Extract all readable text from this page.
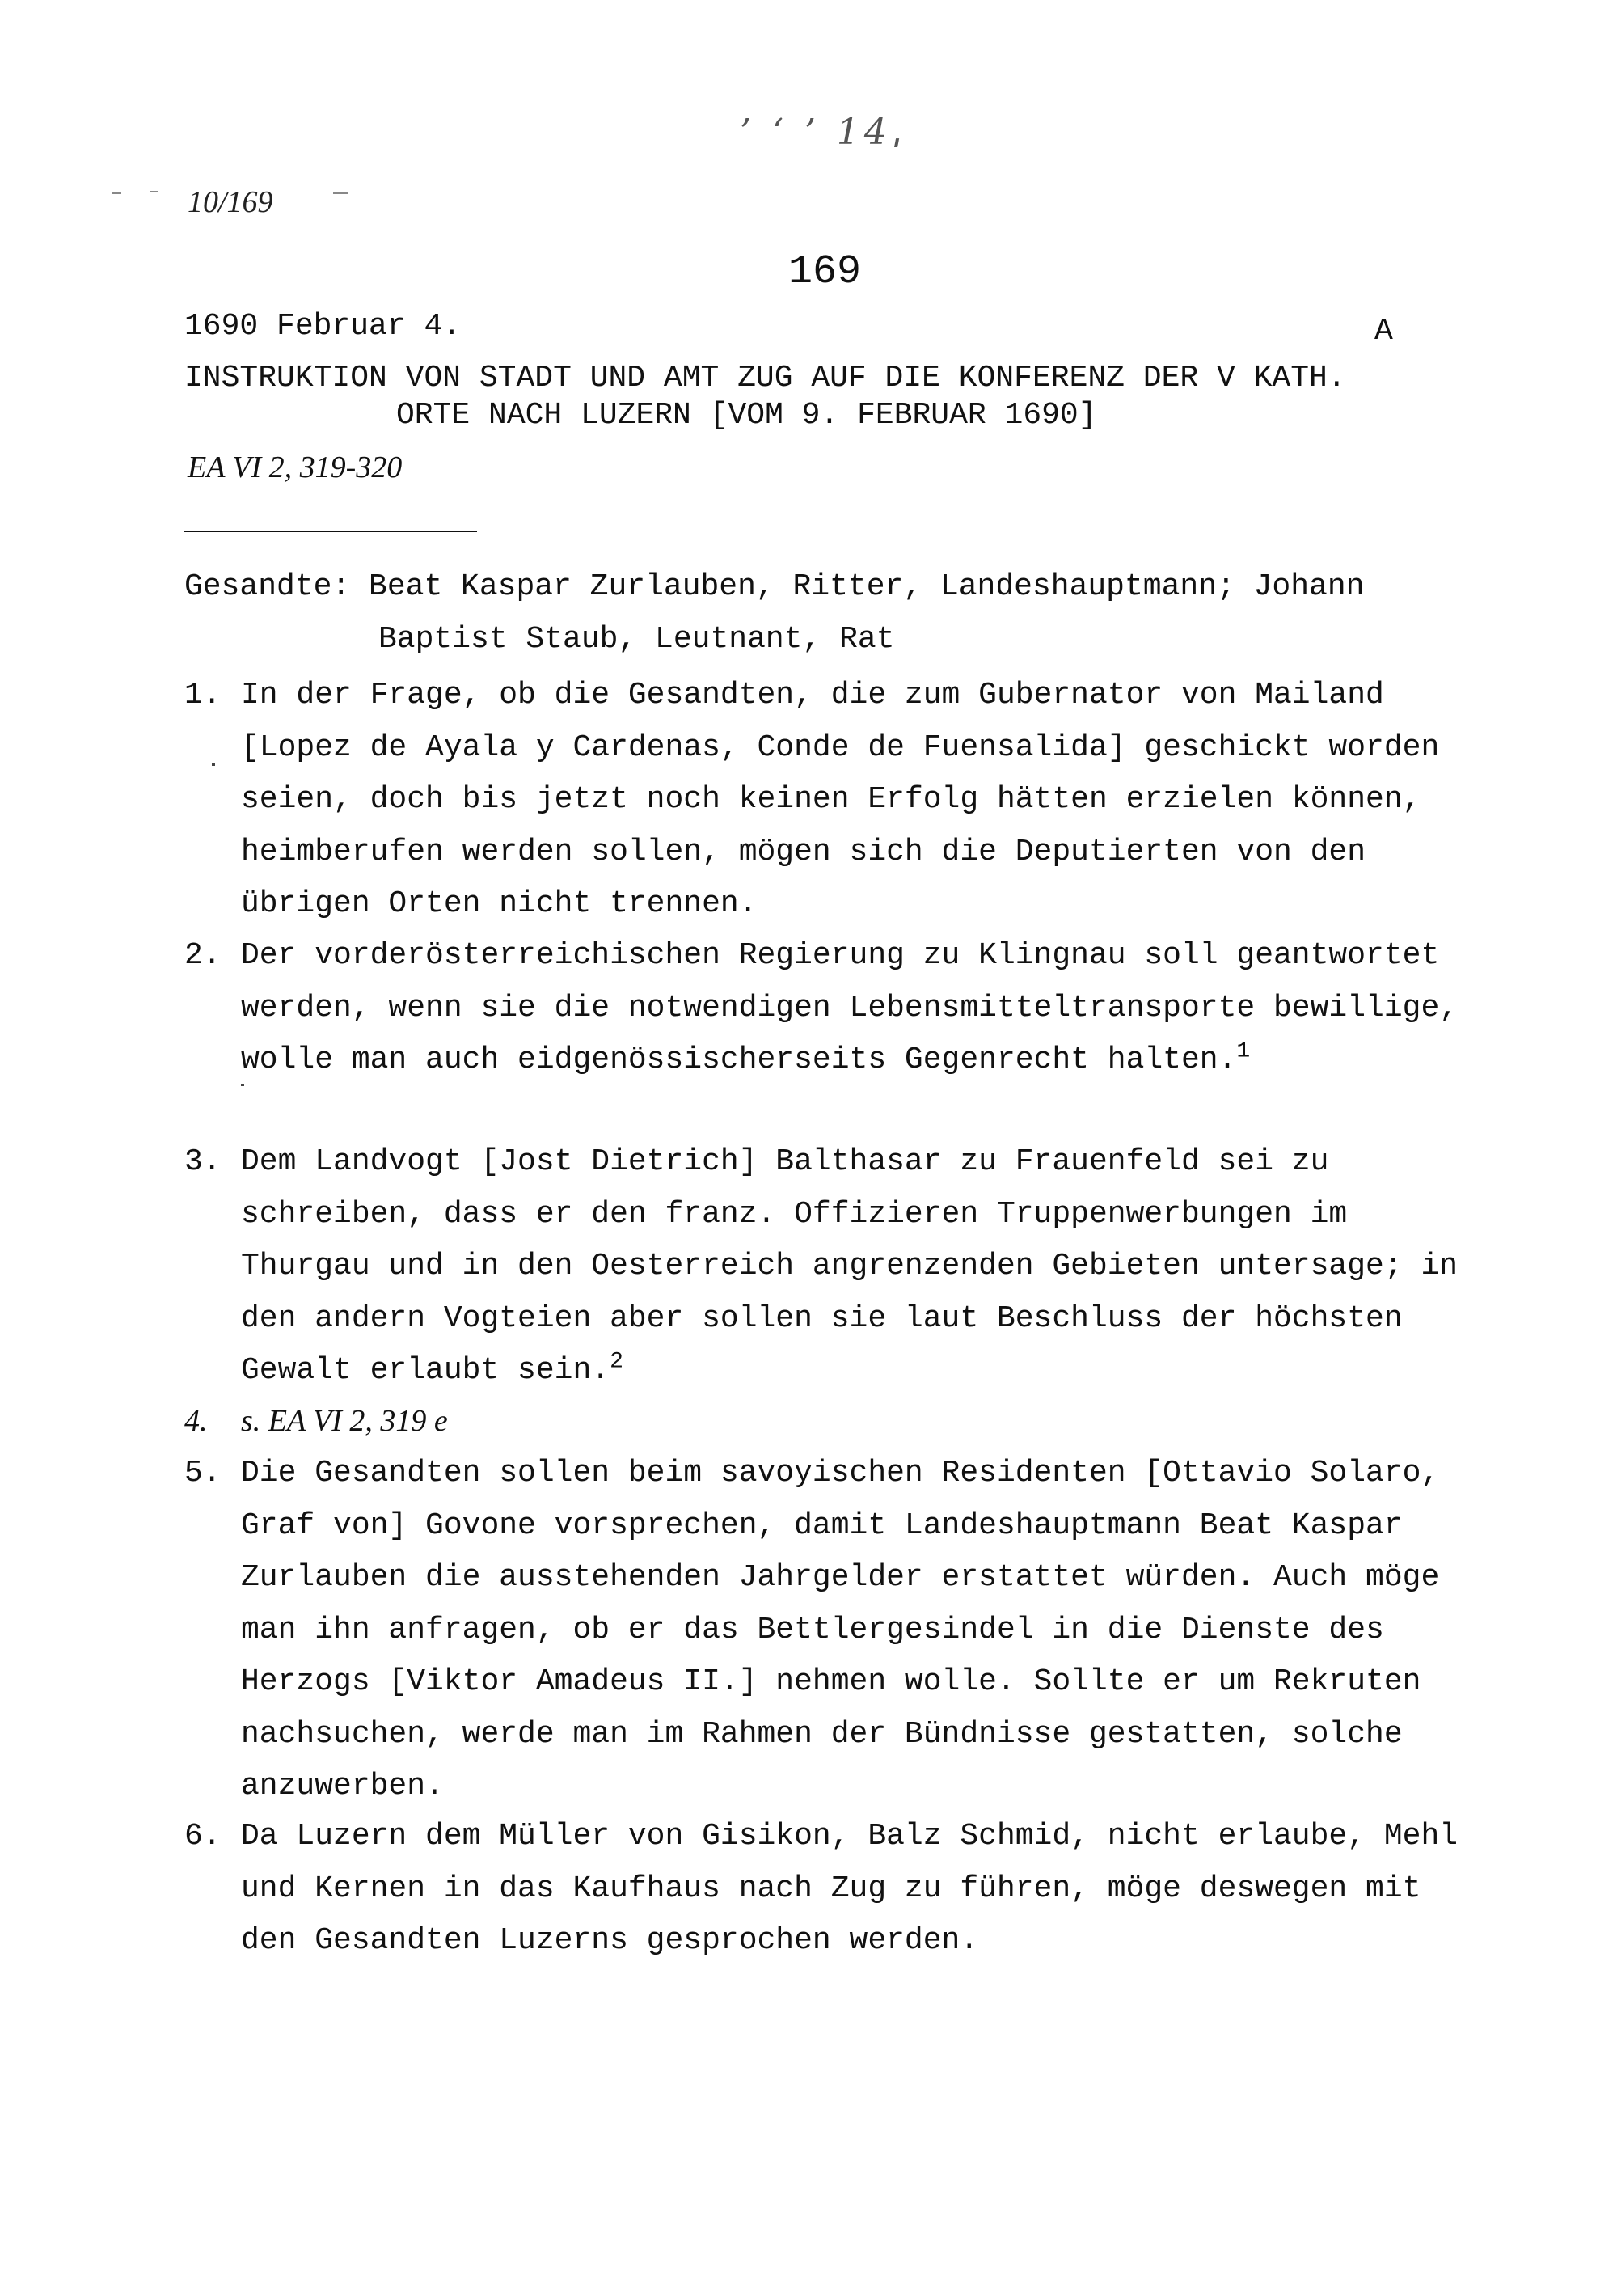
’ ‘ ’ 14ˌ
10/169
169
1690 Februar 4.	A
INSTRUKTION VON STADT UND AMT ZUG AUF DIE KONFERENZ DER V KATH.
ORTE NACH LUZERN [VOM 9. FEBRUAR 1690]
EA VI 2, 319-320
Gesandte: Beat Kaspar Zurlauben, Ritter, Landeshauptmann; Johann
Baptist Staub, Leutnant, Rat
1. In der Frage, ob die Gesandten, die zum Gubernator von Mailand [Lopez de Ayala y Cardenas, Conde de Fuensalida] geschickt worden seien, doch bis jetzt noch keinen Erfolg hätten erzielen können, heimberufen werden sollen, mögen sich die Deputierten von den übrigen Orten nicht trennen.
2. Der vorderösterreichischen Regierung zu Klingnau soll geantwortet werden, wenn sie die notwendigen Lebensmitteltransporte bewillige, wolle man auch eidgenössischerseits Gegenrecht halten.$^1$
3. Dem Landvogt [Jost Dietrich] Balthasar zu Frauenfeld sei zu schreiben, dass er den franz. Offizieren Truppenwerbungen im Thurgau und in den Oesterreich angrenzenden Gebieten untersage; in den andern Vogteien aber sollen sie laut Beschluss der höchsten Gewalt erlaubt sein.$^2$
4. s. EA VI 2, 319 e
5. Die Gesandten sollen beim savoyischen Residenten [Ottavio Solaro, Graf von] Govone vorsprechen, damit Landeshauptmann Beat Kaspar Zurlauben die ausstehenden Jahrgelder erstattet würden. Auch möge man ihn anfragen, ob er das Bettlergesindel in die Dienste des Herzogs [Viktor Amadeus II.] nehmen wolle. Sollte er um Rekruten nachsuchen, werde man im Rahmen der Bündnisse gestatten, solche anzuwerben.
6. Da Luzern dem Müller von Gisikon, Balz Schmid, nicht erlaube, Mehl und Kernen in das Kaufhaus nach Zug zu führen, möge deswegen mit den Gesandten Luzerns gesprochen werden.
